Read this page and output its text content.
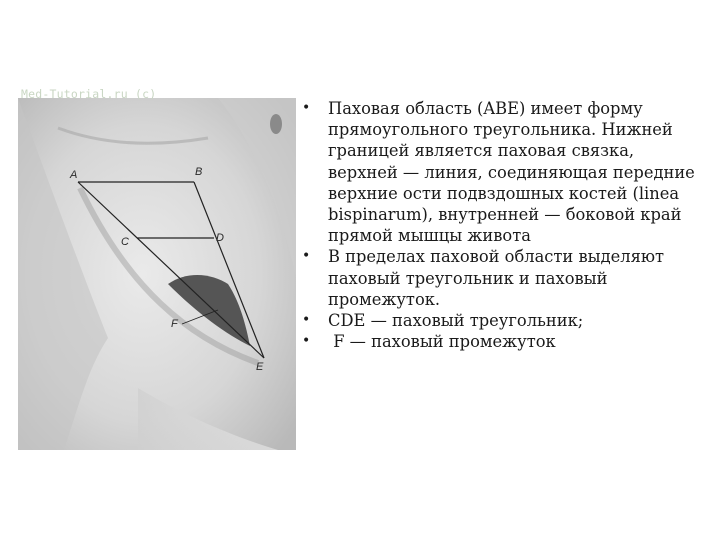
A	B
C	D
F
E
Med-Tutorial.ru (c)
• Паховая область (ABE) имеет форму прямоугольного треугольника. Нижней границей является паховая связка, верхней — линия, соединяющая передние верхние ости подвздошных костей (linea bispinarum), внутренней — боковой край прямой мышцы живота
• В пределах паховой области выделяют паховый треугольник и паховый промежуток.
• CDE — паховый треугольник;
•  F — паховый промежуток
